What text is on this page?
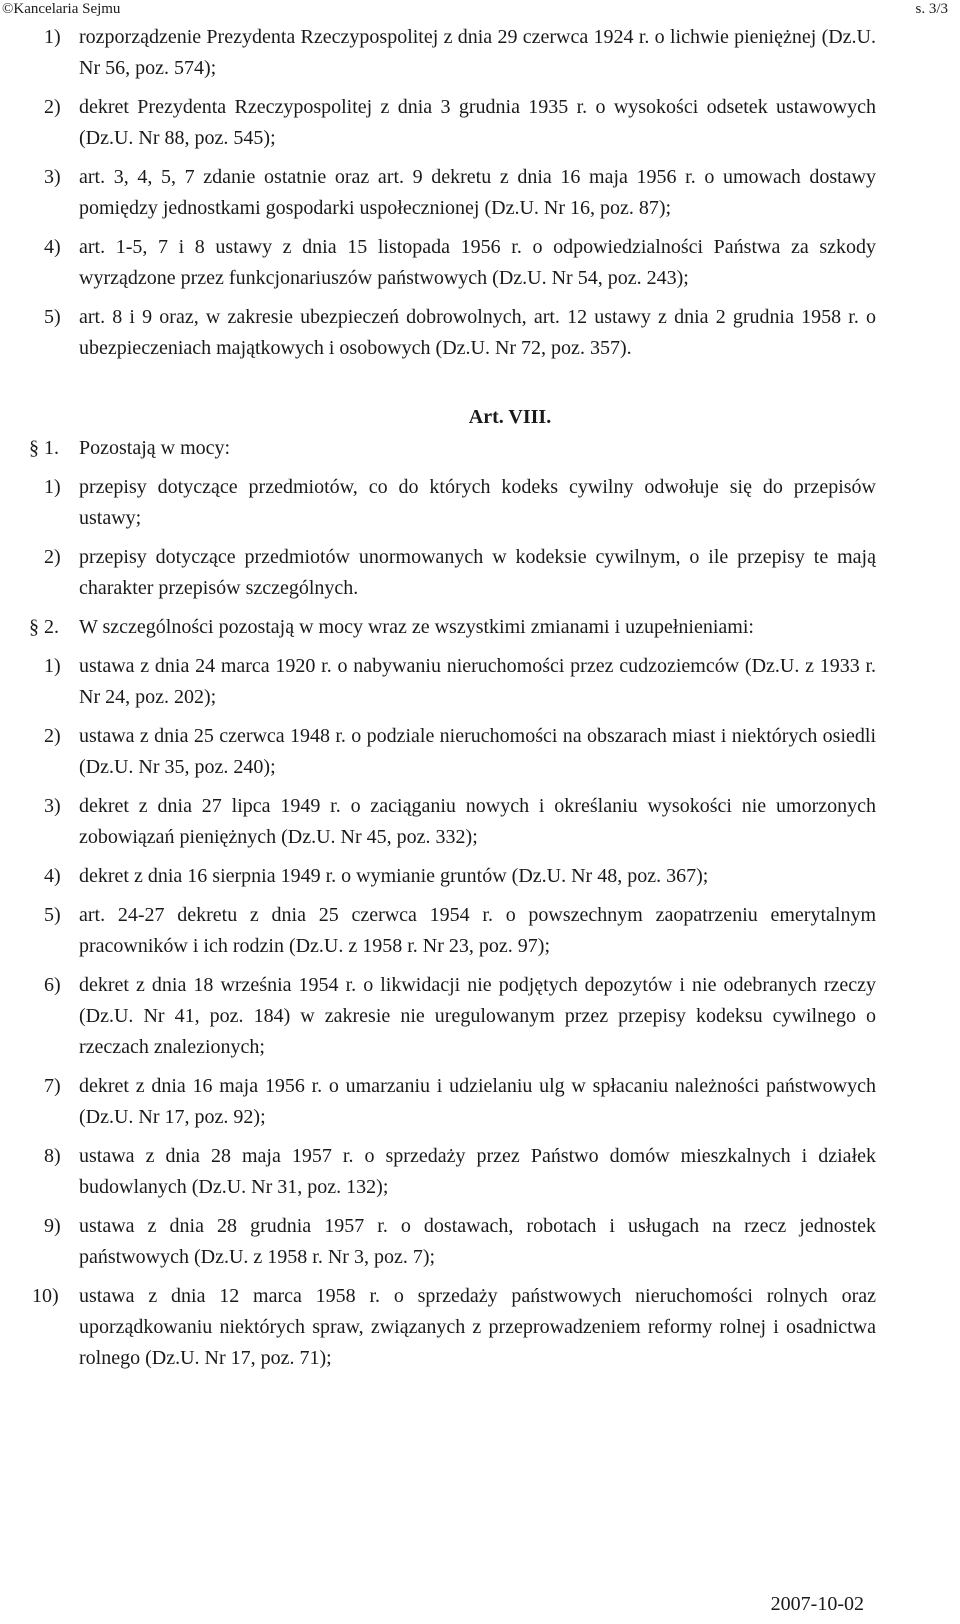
©Kancelaria Sejmu	s. 3/3
1) rozporządzenie Prezydenta Rzeczypospolitej z dnia 29 czerwca 1924 r. o lichwie pieniężnej (Dz.U. Nr 56, poz. 574);
2) dekret Prezydenta Rzeczypospolitej z dnia 3 grudnia 1935 r. o wysokości odsetek ustawowych (Dz.U. Nr 88, poz. 545);
3) art. 3, 4, 5, 7 zdanie ostatnie oraz art. 9 dekretu z dnia 16 maja 1956 r. o umowach dostawy pomiędzy jednostkami gospodarki uspołecznionej (Dz.U. Nr 16, poz. 87);
4) art. 1-5, 7 i 8 ustawy z dnia 15 listopada 1956 r. o odpowiedzialności Państwa za szkody wyrządzone przez funkcjonariuszów państwowych (Dz.U. Nr 54, poz. 243);
5) art. 8 i 9 oraz, w zakresie ubezpieczeń dobrowolnych, art. 12 ustawy z dnia 2 grudnia 1958 r. o ubezpieczeniach majątkowych i osobowych (Dz.U. Nr 72, poz. 357).
Art. VIII.
§ 1. Pozostają w mocy:
1) przepisy dotyczące przedmiotów, co do których kodeks cywilny odwołuje się do przepisów ustawy;
2) przepisy dotyczące przedmiotów unormowanych w kodeksie cywilnym, o ile przepisy te mają charakter przepisów szczególnych.
§ 2. W szczególności pozostają w mocy wraz ze wszystkimi zmianami i uzupełnieniami:
1) ustawa z dnia 24 marca 1920 r. o nabywaniu nieruchomości przez cudzoziemców (Dz.U. z 1933 r. Nr 24, poz. 202);
2) ustawa z dnia 25 czerwca 1948 r. o podziale nieruchomości na obszarach miast i niektórych osiedli (Dz.U. Nr 35, poz. 240);
3) dekret z dnia 27 lipca 1949 r. o zaciąganiu nowych i określaniu wysokości nie umorzonych zobowiązań pieniężnych (Dz.U. Nr 45, poz. 332);
4) dekret z dnia 16 sierpnia 1949 r. o wymianie gruntów (Dz.U. Nr 48, poz. 367);
5) art. 24-27 dekretu z dnia 25 czerwca 1954 r. o powszechnym zaopatrzeniu emerytalnym pracowników i ich rodzin (Dz.U. z 1958 r. Nr 23, poz. 97);
6) dekret z dnia 18 września 1954 r. o likwidacji nie podjętych depozytów i nie odebranych rzeczy (Dz.U. Nr 41, poz. 184) w zakresie nie uregulowanym przez przepisy kodeksu cywilnego o rzeczach znalezionych;
7) dekret z dnia 16 maja 1956 r. o umarzaniu i udzielaniu ulg w spłacaniu należności państwowych (Dz.U. Nr 17, poz. 92);
8) ustawa z dnia 28 maja 1957 r. o sprzedaży przez Państwo domów mieszkalnych i działek budowlanych (Dz.U. Nr 31, poz. 132);
9) ustawa z dnia 28 grudnia 1957 r. o dostawach, robotach i usługach na rzecz jednostek państwowych (Dz.U. z 1958 r. Nr 3, poz. 7);
10) ustawa z dnia 12 marca 1958 r. o sprzedaży państwowych nieruchomości rolnych oraz uporządkowaniu niektórych spraw, związanych z przeprowadzeniem reformy rolnej i osadnictwa rolnego (Dz.U. Nr 17, poz. 71);
2007-10-02
